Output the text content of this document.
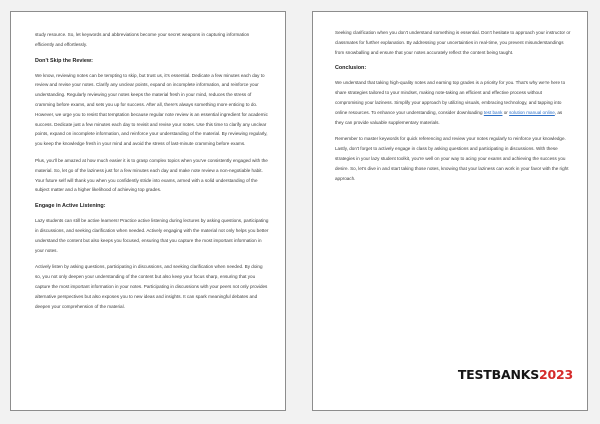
study resource. So, let keywords and abbreviations become your secret weapons in capturing information efficiently and effortlessly.

Don't Skip the Review:

We know, reviewing notes can be tempting to skip, but trust us, it's essential. Dedicate a few minutes each day to review and revise your notes. Clarify any unclear points, expand on incomplete information, and reinforce your understanding. Regularly reviewing your notes keeps the material fresh in your mind, reduces the stress of cramming before exams, and sets you up for success. After all, there's always something more enticing to do. However, we urge you to resist that temptation because regular note review is an essential ingredient for academic success. Dedicate just a few minutes each day to revisit and revise your notes. Use this time to clarify any unclear points, expand on incomplete information, and reinforce your understanding of the material. By reviewing regularly, you keep the knowledge fresh in your mind and avoid the stress of last-minute cramming before exams.

Plus, you'll be amazed at how much easier it is to grasp complex topics when you've consistently engaged with the material. So, let go of the laziness just for a few minutes each day and make note review a non-negotiable habit. Your future self will thank you when you confidently stride into exams, armed with a solid understanding of the subject matter and a higher likelihood of achieving top grades.

Engage in Active Listening:

Lazy students can still be active learners! Practice active listening during lectures by asking questions, participating in discussions, and seeking clarification when needed. Actively engaging with the material not only helps you better understand the content but also keeps you focused, ensuring that you capture the most important information in your notes.

Actively listen by asking questions, participating in discussions, and seeking clarification when needed. By doing so, you not only deepen your understanding of the content but also keep your focus sharp, ensuring that you capture the most important information in your notes. Participating in discussions with your peers not only provides alternative perspectives but also exposes you to new ideas and insights. It can spark meaningful debates and deepen your comprehension of the material.

Seeking clarification when you don't understand something is essential. Don't hesitate to approach your instructor or classmates for further explanation. By addressing your uncertainties in real-time, you prevent misunderstandings from snowballing and ensure that your notes accurately reflect the content being taught.

Conclusion:

We understand that taking high-quality notes and earning top grades is a priority for you. That's why we're here to share strategies tailored to your mindset, making note-taking an efficient and effective process without compromising your laziness. Simplify your approach by utilizing visuals, embracing technology, and tapping into online resources. To enhance your understanding, consider downloading test bank or solution manual online, as they can provide valuable supplementary materials.

Remember to master keywords for quick referencing and review your notes regularly to reinforce your knowledge. Lastly, don't forget to actively engage in class by asking questions and participating in discussions. With these strategies in your lazy student toolkit, you're well on your way to acing your exams and achieving the success you desire. So, let's dive in and start taking those notes, knowing that your laziness can work in your favor with the right approach.

TESTBANKS2023
